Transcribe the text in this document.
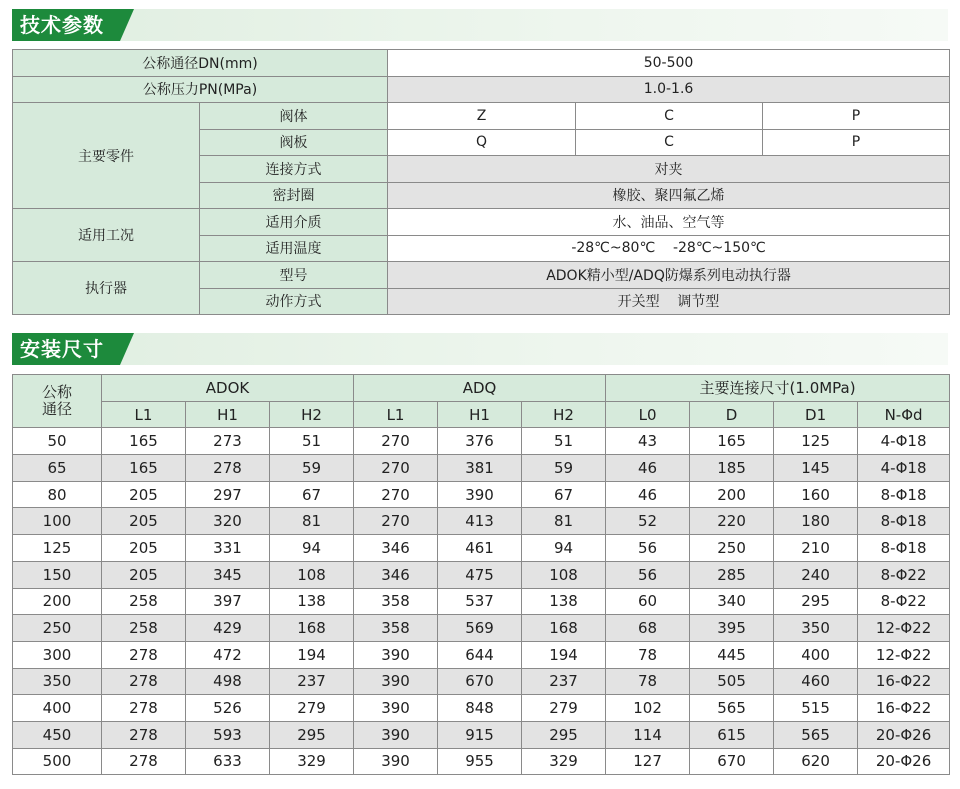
技术参数
公称通径DN(mm)		50-500		
公称压力PN(MPa)		1.0-1.6		
主要零件	阀体	Z	C	P
	阀板	Q	C	P
	连接方式	对夹		
	密封圈	橡胶、聚四氟乙烯		
适用工况	适用介质	水、油品、空气等		
	适用温度	-28℃~80℃    -28℃~150℃		
执行器	型号	ADOK精小型/ADQ防爆系列电动执行器		
	动作方式	开关型    调节型		
安装尺寸
公称
通径	ADOK			ADQ			主要连接尺寸(1.0MPa)			
	L1	H1	H2	L1	H1	H2	L0	D	D1	N-Φd
50	165	273	51	270	376	51	43	165	125	4-Φ18
65	165	278	59	270	381	59	46	185	145	4-Φ18
80	205	297	67	270	390	67	46	200	160	8-Φ18
100	205	320	81	270	413	81	52	220	180	8-Φ18
125	205	331	94	346	461	94	56	250	210	8-Φ18
150	205	345	108	346	475	108	56	285	240	8-Φ22
200	258	397	138	358	537	138	60	340	295	8-Φ22
250	258	429	168	358	569	168	68	395	350	12-Φ22
300	278	472	194	390	644	194	78	445	400	12-Φ22
350	278	498	237	390	670	237	78	505	460	16-Φ22
400	278	526	279	390	848	279	102	565	515	16-Φ22
450	278	593	295	390	915	295	114	615	565	20-Φ26
500	278	633	329	390	955	329	127	670	620	20-Φ26
